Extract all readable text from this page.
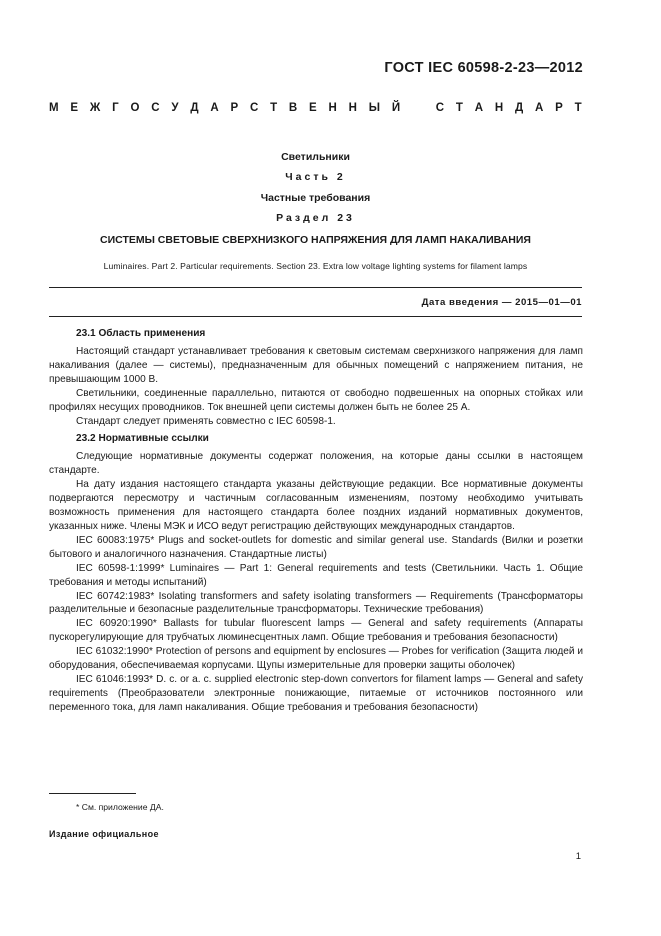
ГОСТ IEC 60598-2-23—2012
М Е Ж Г О С У Д А Р С Т В Е Н Н Ы Й	С Т А Н Д А Р Т
Светильники
Часть 2
Частные требования
Раздел 23
СИСТЕМЫ СВЕТОВЫЕ СВЕРХНИЗКОГО НАПРЯЖЕНИЯ ДЛЯ ЛАМП НАКАЛИВАНИЯ
Luminaires. Part 2. Particular requirements. Section 23. Extra low voltage lighting systems for filament lamps
Дата введения — 2015—01—01
23.1 Область применения

Настоящий стандарт устанавливает требования к световым системам сверхнизкого напряжения для ламп накаливания (далее — системы), предназначенным для обычных помещений с напряжением питания, не превышающим 1000 В.

Светильники, соединенные параллельно, питаются от свободно подвешенных на опорных стойках или профилях несущих проводников. Ток внешней цепи системы должен быть не более 25 А.

Стандарт следует применять совместно с IEC 60598-1.

23.2 Нормативные ссылки

Следующие нормативные документы содержат положения, на которые даны ссылки в настоящем стандарте.

На дату издания настоящего стандарта указаны действующие редакции. Все нормативные документы подвергаются пересмотру и частичным согласованным изменениям, поэтому необходимо учитывать возможность применения для настоящего стандарта более поздних изданий нормативных документов, указанных ниже. Члены МЭК и ИСО ведут регистрацию действующих международных стандартов.

IEC 60083:1975* Plugs and socket-outlets for domestic and similar general use. Standards (Вилки и розетки бытового и аналогичного назначения. Стандартные листы)

IEC 60598-1:1999* Luminaires — Part 1: General requirements and tests (Светильники. Часть 1. Общие требования и методы испытаний)

IEC 60742:1983* Isolating transformers and safety isolating transformers — Requirements (Трансформаторы разделительные и безопасные разделительные трансформаторы. Технические требования)

IEC 60920:1990* Ballasts for tubular fluorescent lamps — General and safety requirements (Аппараты пускорегулирующие для трубчатых люминесцентных ламп. Общие требования и требования безопасности)

IEC 61032:1990* Protection of persons and equipment by enclosures — Probes for verification (Защита людей и оборудования, обеспечиваемая корпусами. Щупы измерительные для проверки защиты оболочек)

IEC 61046:1993* D. c. or a. c. supplied electronic step-down convertors for filament lamps — General and safety requirements (Преобразователи электронные понижающие, питаемые от источников постоянного или переменного тока, для ламп накаливания. Общие требования и требования безопасности)

* См. приложение ДА.
Издание официальное
1
